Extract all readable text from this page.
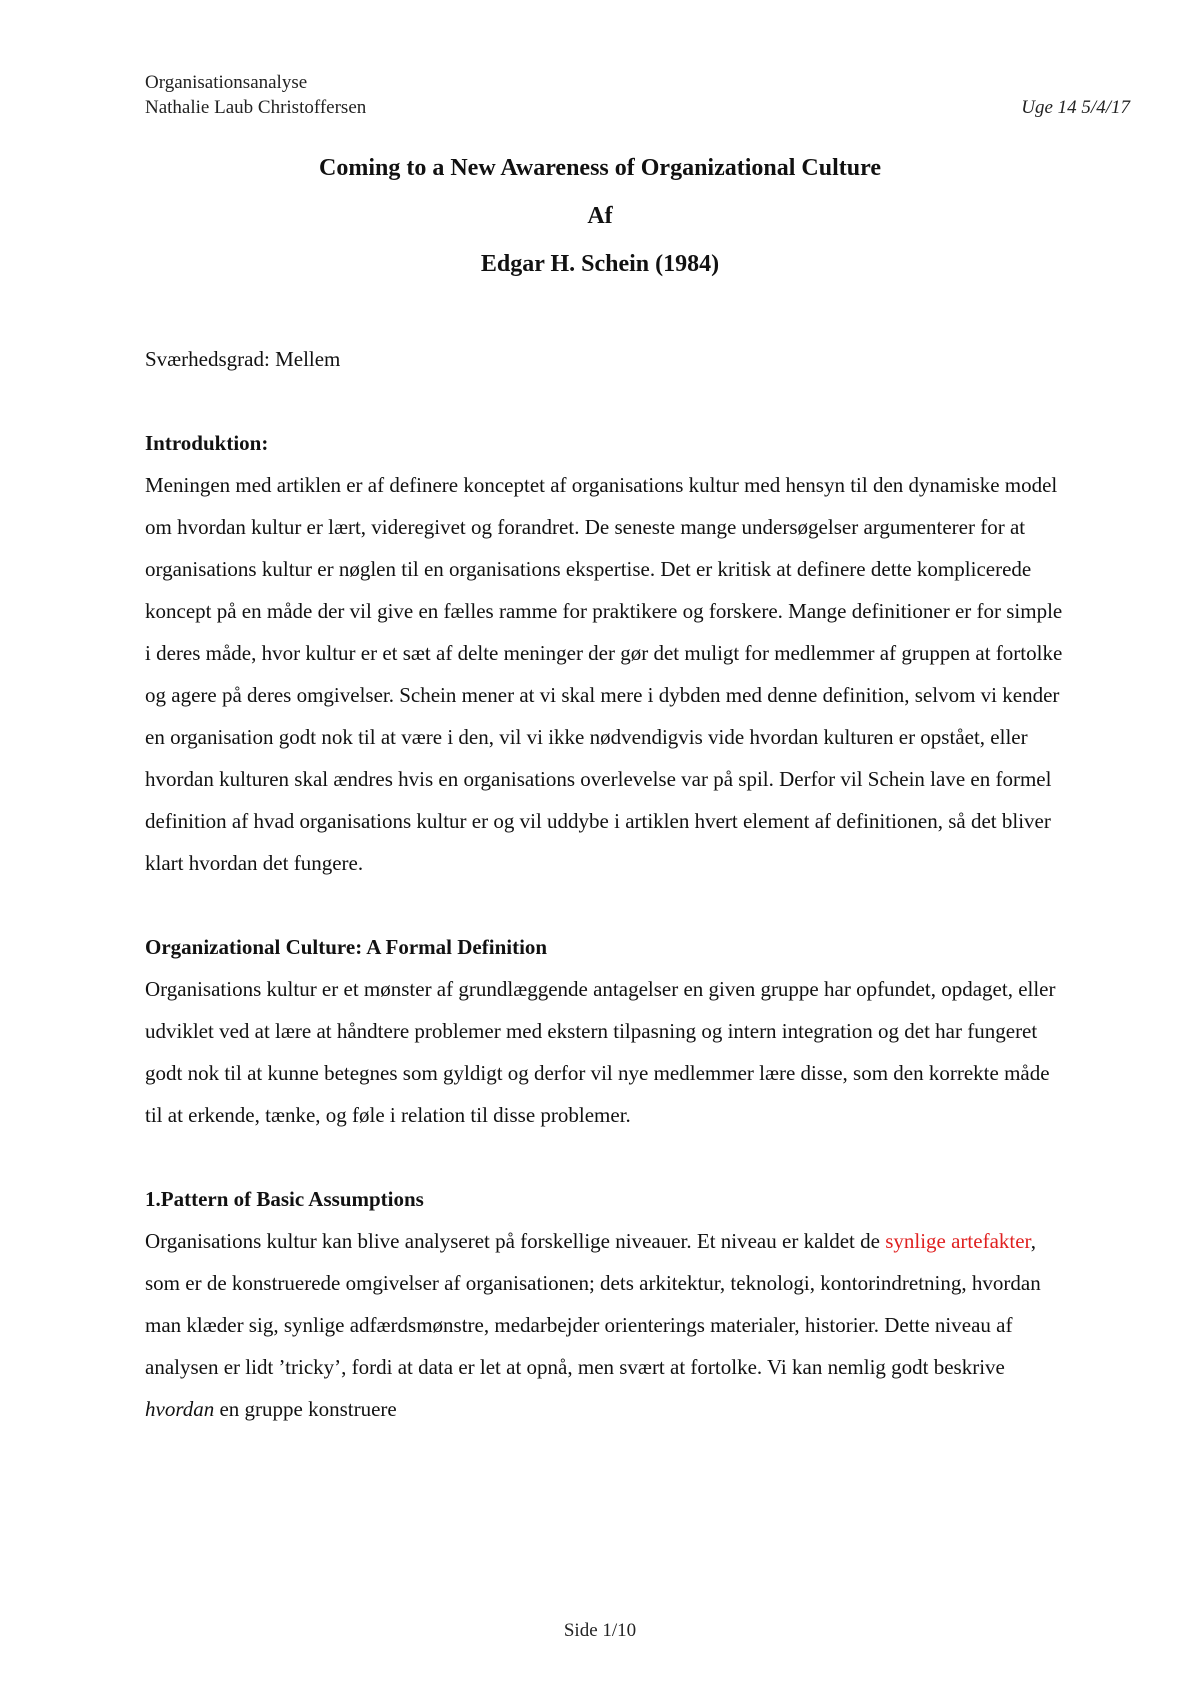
Organisationsanalyse
Nathalie Laub Christoffersen	Uge 14 5/4/17
Coming to a New Awareness of Organizational Culture
Af
Edgar H. Schein (1984)

Sværhedsgrad: Mellem

Introduktion:

Meningen med artiklen er af definere konceptet af organisations kultur med hensyn til den dynamiske model om hvordan kultur er lært, videregivet og forandret. De seneste mange undersøgelser argumenterer for at organisations kultur er nøglen til en organisations ekspertise. Det er kritisk at definere dette komplicerede koncept på en måde der vil give en fælles ramme for praktikere og forskere. Mange definitioner er for simple i deres måde, hvor kultur er et sæt af delte meninger der gør det muligt for medlemmer af gruppen at fortolke og agere på deres omgivelser. Schein mener at vi skal mere i dybden med denne definition, selvom vi kender en organisation godt nok til at være i den, vil vi ikke nødvendigvis vide hvordan kulturen er opstået, eller hvordan kulturen skal ændres hvis en organisations overlevelse var på spil. Derfor vil Schein lave en formel definition af hvad organisations kultur er og vil uddybe i artiklen hvert element af definitionen, så det bliver klart hvordan det fungere.

Organizational Culture: A Formal Definition

Organisations kultur er et mønster af grundlæggende antagelser en given gruppe har opfundet, opdaget, eller udviklet ved at lære at håndtere problemer med ekstern tilpasning og intern integration og det har fungeret godt nok til at kunne betegnes som gyldigt og derfor vil nye medlemmer lære disse, som den korrekte måde til at erkende, tænke, og føle i relation til disse problemer.

1.Pattern of Basic Assumptions

Organisations kultur kan blive analyseret på forskellige niveauer. Et niveau er kaldet de synlige artefakter, som er de konstruerede omgivelser af organisationen; dets arkitektur, teknologi, kontorindretning, hvordan man klæder sig, synlige adfærdsmønstre, medarbejder orienterings materialer, historier. Dette niveau af analysen er lidt ’tricky’, fordi at data er let at opnå, men svært at fortolke. Vi kan nemlig godt beskrive hvordan en gruppe konstruere

Side 1/10
